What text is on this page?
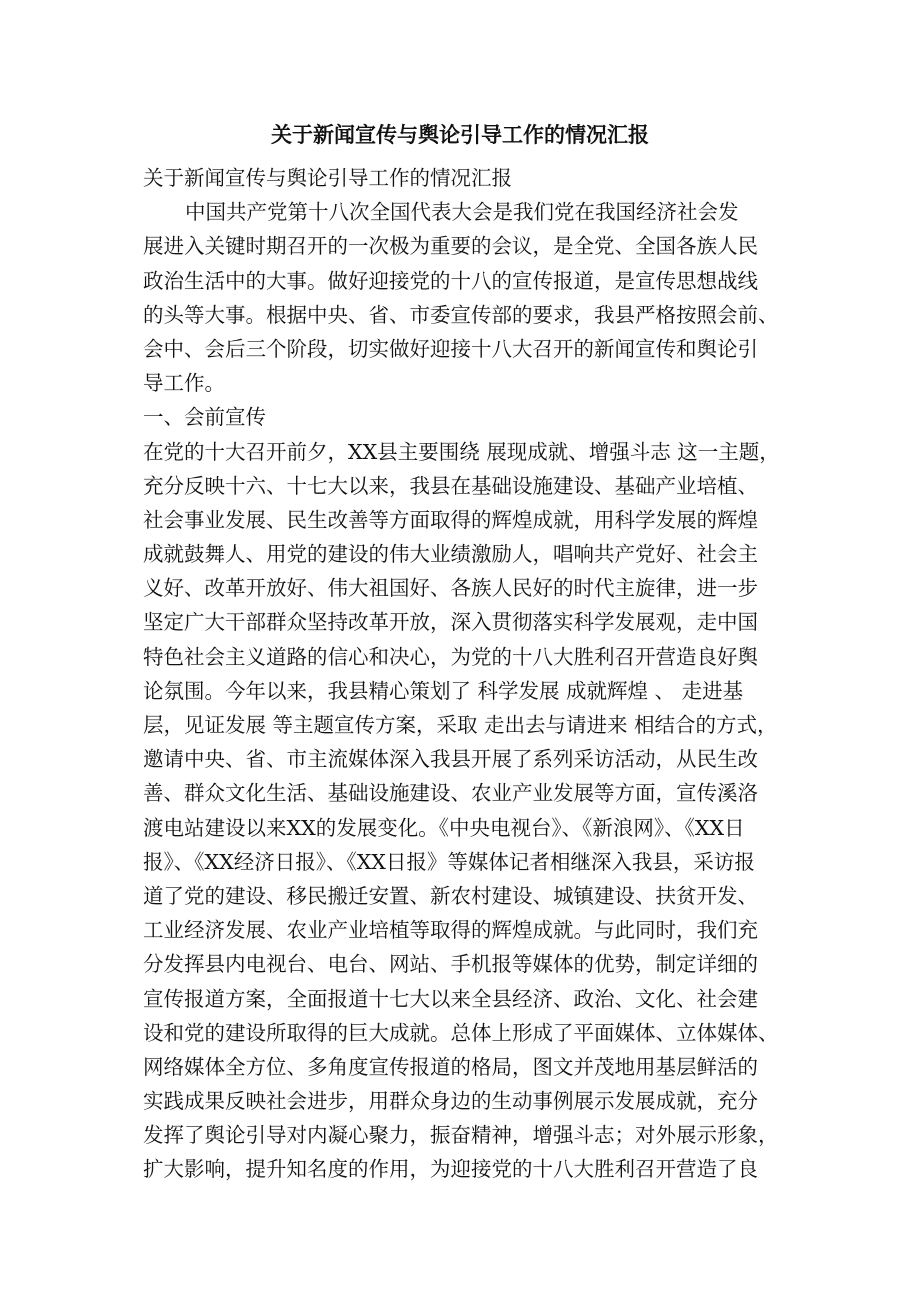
关于新闻宣传与舆论引导工作的情况汇报
关于新闻宣传与舆论引导工作的情况汇报
中国共产党第十八次全国代表大会是我们党在我国经济社会发
展进入关键时期召开的一次极为重要的会议，是全党、全国各族人民
政治生活中的大事。做好迎接党的十八的宣传报道，是宣传思想战线
的头等大事。根据中央、省、市委宣传部的要求，我县严格按照会前、
会中、会后三个阶段，切实做好迎接十八大召开的新闻宣传和舆论引
导工作。
一、会前宣传
在党的十大召开前夕，XX县主要围绕 展现成就、增强斗志 这一主题，
充分反映十六、十七大以来，我县在基础设施建设、基础产业培植、
社会事业发展、民生改善等方面取得的辉煌成就，用科学发展的辉煌
成就鼓舞人、用党的建设的伟大业绩激励人，唱响共产党好、社会主
义好、改革开放好、伟大祖国好、各族人民好的时代主旋律，进一步
坚定广大干部群众坚持改革开放，深入贯彻落实科学发展观，走中国
特色社会主义道路的信心和决心，为党的十八大胜利召开营造良好舆
论氛围。今年以来，我县精心策划了 科学发展 成就辉煌 、 走进基
层，见证发展 等主题宣传方案，采取 走出去与请进来 相结合的方式，
邀请中央、省、市主流媒体深入我县开展了系列采访活动，从民生改
善、群众文化生活、基础设施建设、农业产业发展等方面，宣传溪洛
渡电站建设以来XX的发展变化。《中央电视台》、《新浪网》、《XX日
报》、《XX经济日报》、《XX日报》等媒体记者相继深入我县，采访报
道了党的建设、移民搬迁安置、新农村建设、城镇建设、扶贫开发、
工业经济发展、农业产业培植等取得的辉煌成就。与此同时，我们充
分发挥县内电视台、电台、网站、手机报等媒体的优势，制定详细的
宣传报道方案，全面报道十七大以来全县经济、政治、文化、社会建
设和党的建设所取得的巨大成就。总体上形成了平面媒体、立体媒体、
网络媒体全方位、多角度宣传报道的格局，图文并茂地用基层鲜活的
实践成果反映社会进步，用群众身边的生动事例展示发展成就，充分
发挥了舆论引导对内凝心聚力，振奋精神，增强斗志；对外展示形象，
扩大影响，提升知名度的作用，为迎接党的十八大胜利召开营造了良
